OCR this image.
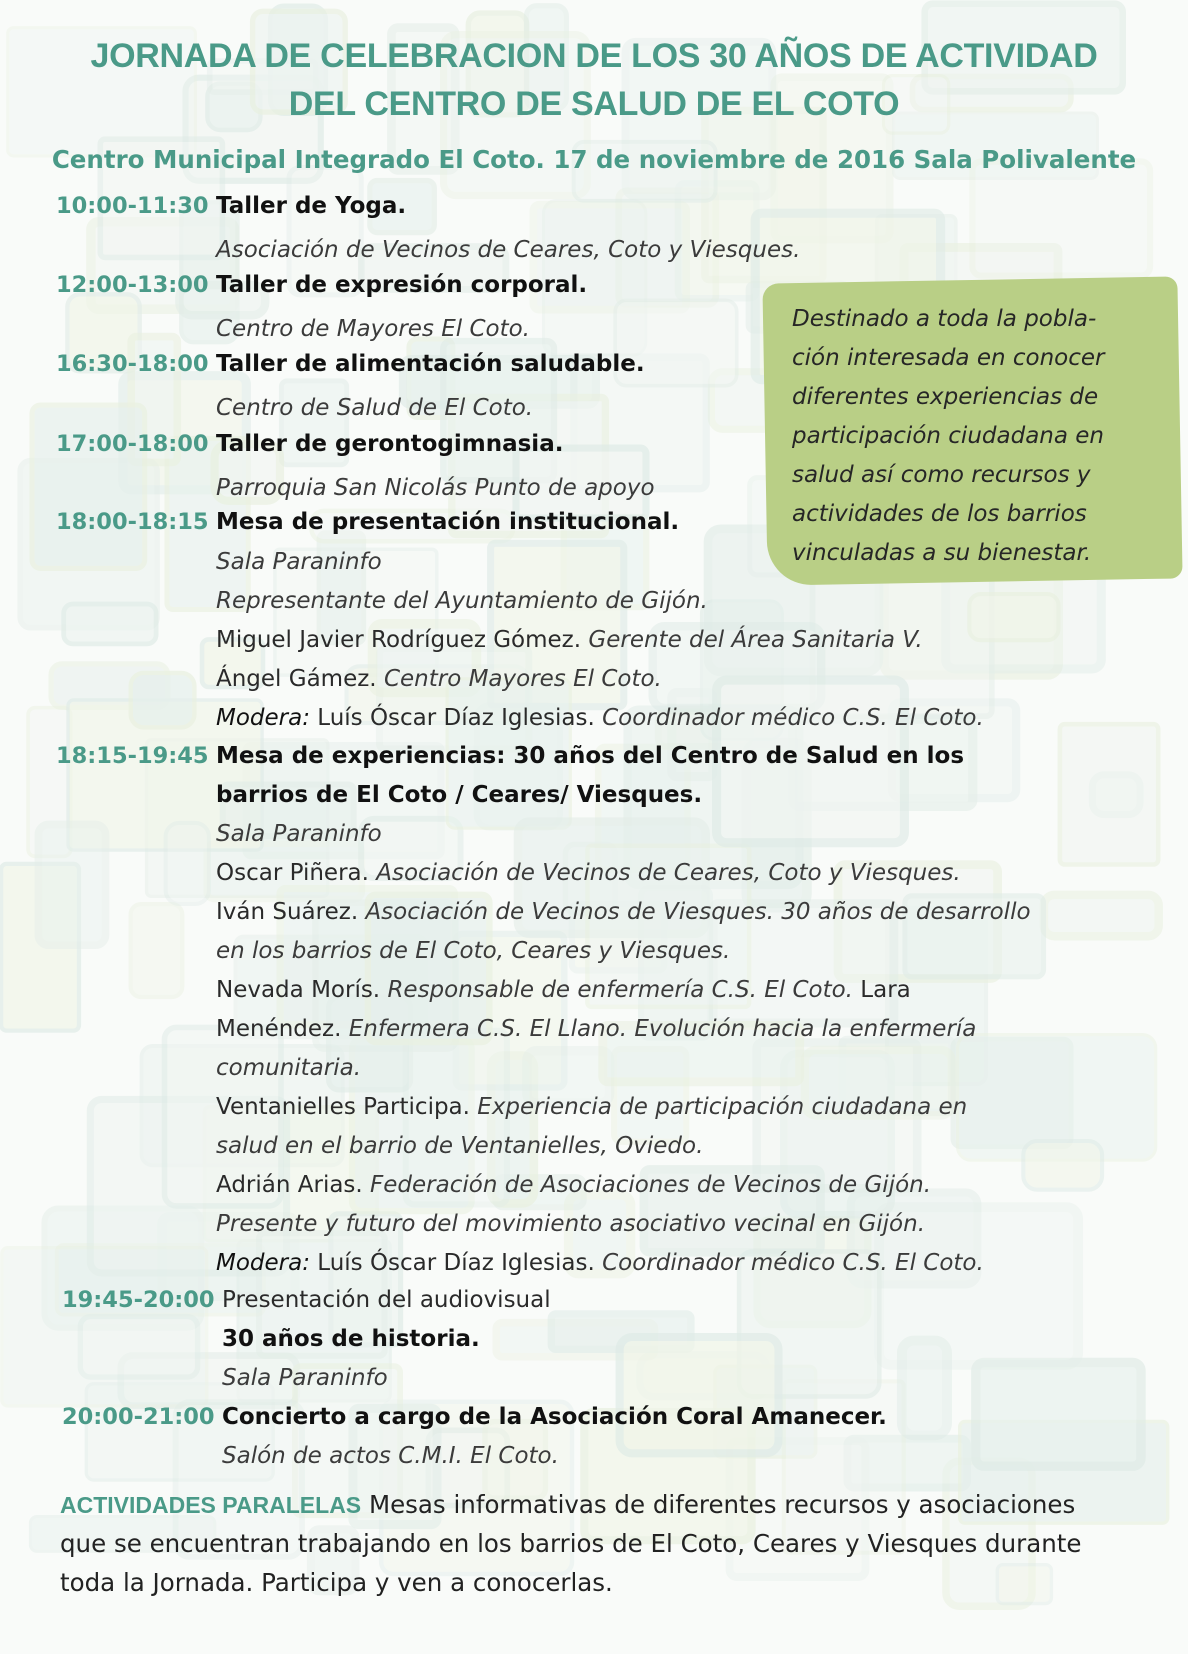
JORNADA DE CELEBRACION DE LOS 30 AÑOS DE ACTIVIDAD
DEL CENTRO DE SALUD DE EL COTO
Centro Municipal Integrado El Coto. 17 de noviembre de 2016 Sala Polivalente
10:00-11:30 Taller de Yoga.
Asociación de Vecinos de Ceares, Coto y Viesques.
12:00-13:00 Taller de expresión corporal.
Centro de Mayores El Coto.
16:30-18:00 Taller de alimentación saludable.
Centro de Salud de El Coto.
17:00-18:00 Taller de gerontogimnasia.
Parroquia San Nicolás Punto de apoyo
18:00-18:15 Mesa de presentación institucional.
Sala Paraninfo
Representante del Ayuntamiento de Gijón.
Miguel Javier Rodríguez Gómez. Gerente del Área Sanitaria V.
Ángel Gámez. Centro Mayores El Coto.
Modera: Luís Óscar Díaz Iglesias. Coordinador médico C.S. El Coto.
18:15-19:45 Mesa de experiencias: 30 años del Centro de Salud en los
barrios de El Coto / Ceares/ Viesques.
Sala Paraninfo
Oscar Piñera. Asociación de Vecinos de Ceares, Coto y Viesques.
Iván Suárez. Asociación de Vecinos de Viesques. 30 años de desarrollo
en los barrios de El Coto, Ceares y Viesques.
Nevada Morís. Responsable de enfermería C.S. El Coto. Lara
Menéndez. Enfermera C.S. El Llano. Evolución hacia la enfermería
comunitaria.
Ventanielles Participa. Experiencia de participación ciudadana en
salud en el barrio de Ventanielles, Oviedo.
Adrián Arias. Federación de Asociaciones de Vecinos de Gijón.
Presente y futuro del movimiento asociativo vecinal en Gijón.
Modera: Luís Óscar Díaz Iglesias. Coordinador médico C.S. El Coto.
19:45-20:00 Presentación del audiovisual
30 años de historia.
Sala Paraninfo
20:00-21:00 Concierto a cargo de la Asociación Coral Amanecer.
Salón de actos C.M.I. El Coto.
Destinado a toda la pobla-
ción interesada en conocer
diferentes experiencias de
participación ciudadana en
salud así como recursos y
actividades de los barrios
vinculadas a su bienestar.
ACTIVIDADES PARALELAS Mesas informativas de diferentes recursos y asociaciones
que se encuentran trabajando en los barrios de El Coto, Ceares y Viesques durante
toda la Jornada. Participa y ven a conocerlas.
